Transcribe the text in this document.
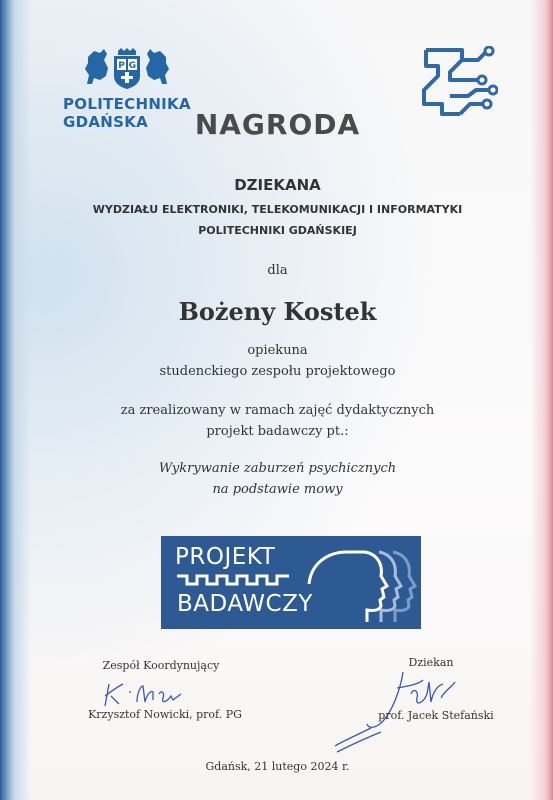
P G
POLITECHNIKA
GDAŃSKA	NAGRODA
DZIEKANA
WYDZIAŁU ELEKTRONIKI, TELEKOMUNIKACJI I INFORMATYKI
POLITECHNIKI GDAŃSKIEJ
dla
Bożeny Kostek
opiekuna
studenckiego zespołu projektowego
za zrealizowany w ramach zajęć dydaktycznych
projekt badawczy pt.:
Wykrywanie zaburzeń psychicznych
na podstawie mowy
PROJEKT
BADAWCZY
Zespół Koordynujący
Krzysztof Nowicki, prof. PG
Dziekan
prof. Jacek Stefański
Gdańsk, 21 lutego 2024 r.
